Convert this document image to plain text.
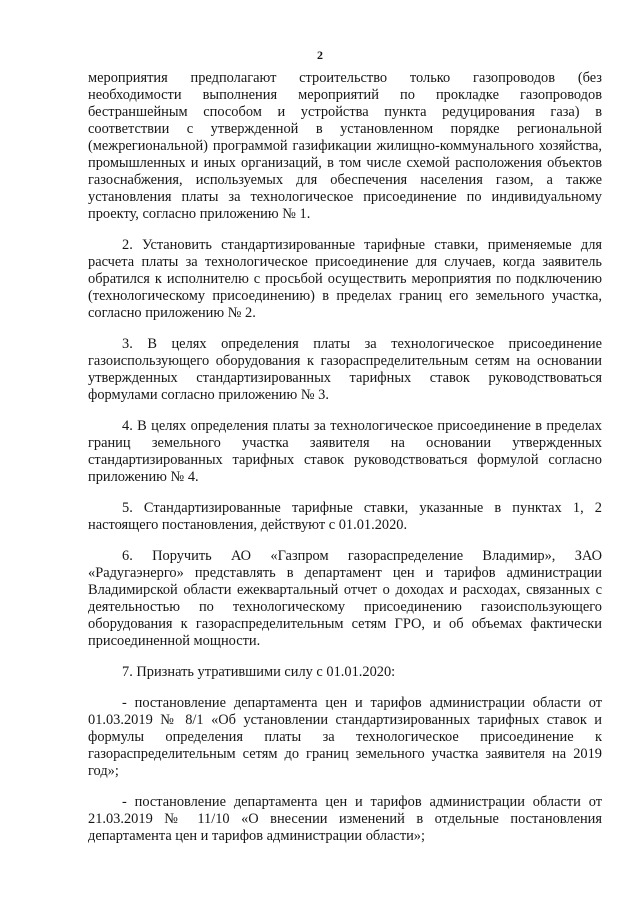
2

мероприятия предполагают строительство только газопроводов (без необходимости выполнения мероприятий по прокладке газопроводов бестраншейным способом и устройства пункта редуцирования газа) в соответствии с утвержденной в установленном порядке региональной (межрегиональной) программой газификации жилищно-коммунального хозяйства, промышленных и иных организаций, в том числе схемой расположения объектов газоснабжения, используемых для обеспечения населения газом, а также установления платы за технологическое присоединение по индивидуальному проекту, согласно приложению № 1.

2. Установить стандартизированные тарифные ставки, применяемые для расчета платы за технологическое присоединение для случаев, когда заявитель обратился к исполнителю с просьбой осуществить мероприятия по подключению (технологическому присоединению) в пределах границ его земельного участка, согласно приложению № 2.

3. В целях определения платы за технологическое присоединение газоиспользующего оборудования к газораспределительным сетям на основании утвержденных стандартизированных тарифных ставок руководствоваться формулами согласно приложению № 3.

4. В целях определения платы за технологическое присоединение в пределах границ земельного участка заявителя на основании утвержденных стандартизированных тарифных ставок руководствоваться формулой согласно приложению № 4.

5. Стандартизированные тарифные ставки, указанные в пунктах 1, 2 настоящего постановления, действуют с 01.01.2020.

6. Поручить АО «Газпром газораспределение Владимир», ЗАО «Радугаэнерго» представлять в департамент цен и тарифов администрации Владимирской области ежеквартальный отчет о доходах и расходах, связанных с деятельностью по технологическому присоединению газоиспользующего оборудования к газораспределительным сетям ГРО, и об объемах фактически присоединенной мощности.

7. Признать утратившими силу с 01.01.2020:

- постановление департамента цен и тарифов администрации области от 01.03.2019 № 8/1 «Об установлении стандартизированных тарифных ставок и формулы определения платы за технологическое присоединение к газораспределительным сетям до границ земельного участка заявителя на 2019 год»;

- постановление департамента цен и тарифов администрации области от 21.03.2019 № 11/10 «О внесении изменений в отдельные постановления департамента цен и тарифов администрации области»;
